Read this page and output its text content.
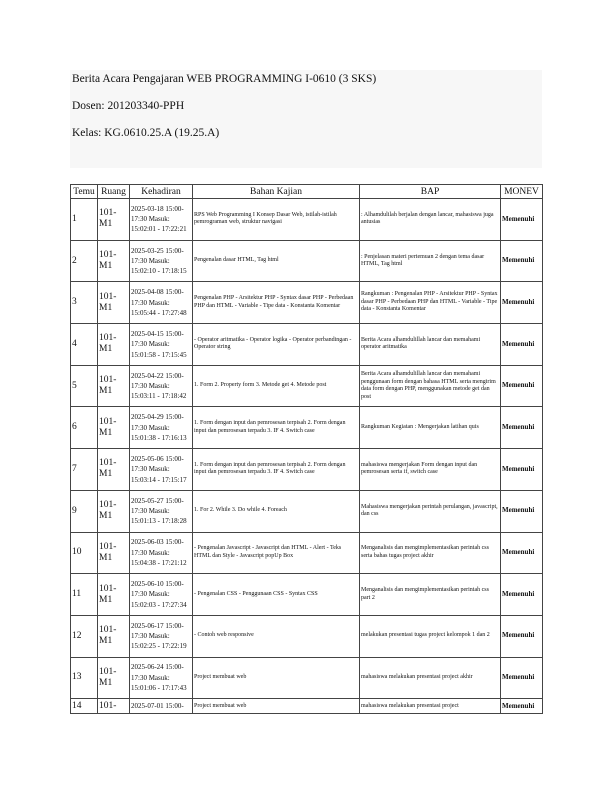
Berita Acara Pengajaran WEB PROGRAMMING I-0610 (3 SKS)
Dosen: 201203340-PPH
Kelas: KG.0610.25.A (19.25.A)
Temu	Ruang	Kehadiran	Bahan Kajian	BAP	MONEV
1	101-M1	2025-03-18 15:00-17:30 Masuk: 15:02:01 - 17:22:21	RPS Web Programming I Konsep Dasar Web, istilah-istilah pemrograman web, struktur navigasi	: Alhamdulilah berjalan dengan lancar, mahasiswa juga antusias	Memenuhi
2	101-M1	2025-03-25 15:00-17:30 Masuk: 15:02:10 - 17:18:15	Pengenalan dasar HTML, Tag html	: Penjelasan materi pertemuan 2 dengan tema dasar HTML, Tag html	Memenuhi
3	101-M1	2025-04-08 15:00-17:30 Masuk: 15:05:44 - 17:27:48	Pengenalan PHP - Arsitektur PHP - Syntax dasar PHP - Perbedaan PHP dan HTML - Variable - Tipe data - Konstanta Komentar	Rangkuman : Pengenalan PHP - Arsitektur PHP - Syntax dasar PHP - Perbedaan PHP dan HTML - Variable - Tipe data - Konstanta Komentar	Memenuhi
4	101-M1	2025-04-15 15:00-17:30 Masuk: 15:01:58 - 17:15:45	- Operator aritmatika - Operator logika - Operator perbandingan - Operator string	Berita Acara alhamdulillah lancar dan memahami operator aritmatika	Memenuhi
5	101-M1	2025-04-22 15:00-17:30 Masuk: 15:03:11 - 17:18:42	1. Form 2. Property form 3. Metode get 4. Metode post	Berita Acara alhamdulillah lancar dan memahami penggunaan form dengan bahasa HTML serta mengirim data form dengan PHP, menggunakan metode get dan post	Memenuhi
6	101-M1	2025-04-29 15:00-17:30 Masuk: 15:01:38 - 17:16:13	1. Form dengan input dan pemrosesan terpisah 2. Form dengan input dan pemrosesan terpadu 3. IF 4. Switch case	Rangkuman Kegiatan : Mengerjakan latihan quis	Memenuhi
7	101-M1	2025-05-06 15:00-17:30 Masuk: 15:03:14 - 17:15:17	1. Form dengan input dan pemrosesan terpisah 2. Form dengan input dan pemrosesan terpadu 3. IF 4. Switch case	mahasiswa mengerjakan Form dengan input dan pemrosesan serta if, switch case	Memenuhi
9	101-M1	2025-05-27 15:00-17:30 Masuk: 15:01:13 - 17:18:28	1. For 2. While 3. Do while 4. Foreach	Mahasiswa mengerjakan perintah perulangan, javascript, dan css	Memenuhi
10	101-M1	2025-06-03 15:00-17:30 Masuk: 15:04:38 - 17:21:12	- Pengenalan Javascript - Javascript dan HTML - Alert - Teks HTML dan Style - Javascript popUp Box	Menganalisis dan mengimplementasikan perintah css serta bahas tugas project akhir	Memenuhi
11	101-M1	2025-06-10 15:00-17:30 Masuk: 15:02:03 - 17:27:34	- Pengenalan CSS - Penggunaan CSS - Syntax CSS	Menganalisis dan mengimplementasikan perintah css part 2	Memenuhi
12	101-M1	2025-06-17 15:00-17:30 Masuk: 15:02:25 - 17:22:19	- Contoh web responsive	melakukan presentasi tugas project kelompok 1 dan 2	Memenuhi
13	101-M1	2025-06-24 15:00-17:30 Masuk: 15:01:06 - 17:17:43	Project membuat web	mahasiswa melakukan presentasi project akhir	Memenuhi
14	101-	2025-07-01 15:00-	Project membuat web	mahasiswa melakukan presentasi project	Memenuhi
